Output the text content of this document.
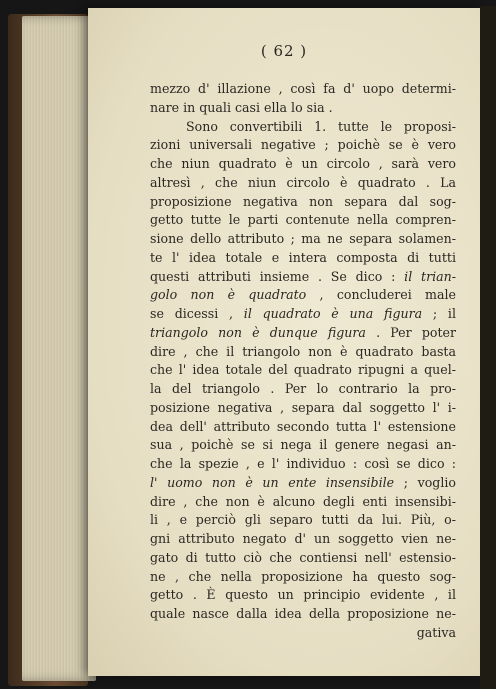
( 62 )
mezzo d' illazione , così fa d' uopo determi-
nare in quali casi ella lo sia .
Sono convertibili 1. tutte le proposi-
zioni universali negative ; poichè se è vero
che niun quadrato è un circolo , sarà vero
altresì , che niun circolo è quadrato . La
proposizione negativa non separa dal sog-
getto tutte le parti contenute nella compren-
sione dello attributo ; ma ne separa solamen-
te l' idea totale e intera composta di tutti
questi attributi insieme . Se dico : il trian-
golo non è quadrato , concluderei male
se dicessi , il quadrato è una figura ; il
triangolo non è dunque figura . Per poter
dire , che il triangolo non è quadrato basta
che l' idea totale del quadrato ripugni a quel-
la del triangolo . Per lo contrario la pro-
posizione negativa , separa dal soggetto l' i-
dea dell' attributo secondo tutta l' estensione
sua , poichè se si nega il genere negasi an-
che la spezie , e l' individuo : così se dico :
l' uomo non è un ente insensibile ; voglio
dire , che non è alcuno degli enti insensibi-
li , e perciò gli separo tutti da lui. Più, o-
gni attributo negato d' un soggetto vien ne-
gato di tutto ciò che contiensi nell' estensio-
ne , che nella proposizione ha questo sog-
getto . È questo un principio evidente , il
quale nasce dalla idea della proposizione ne-
gativa
